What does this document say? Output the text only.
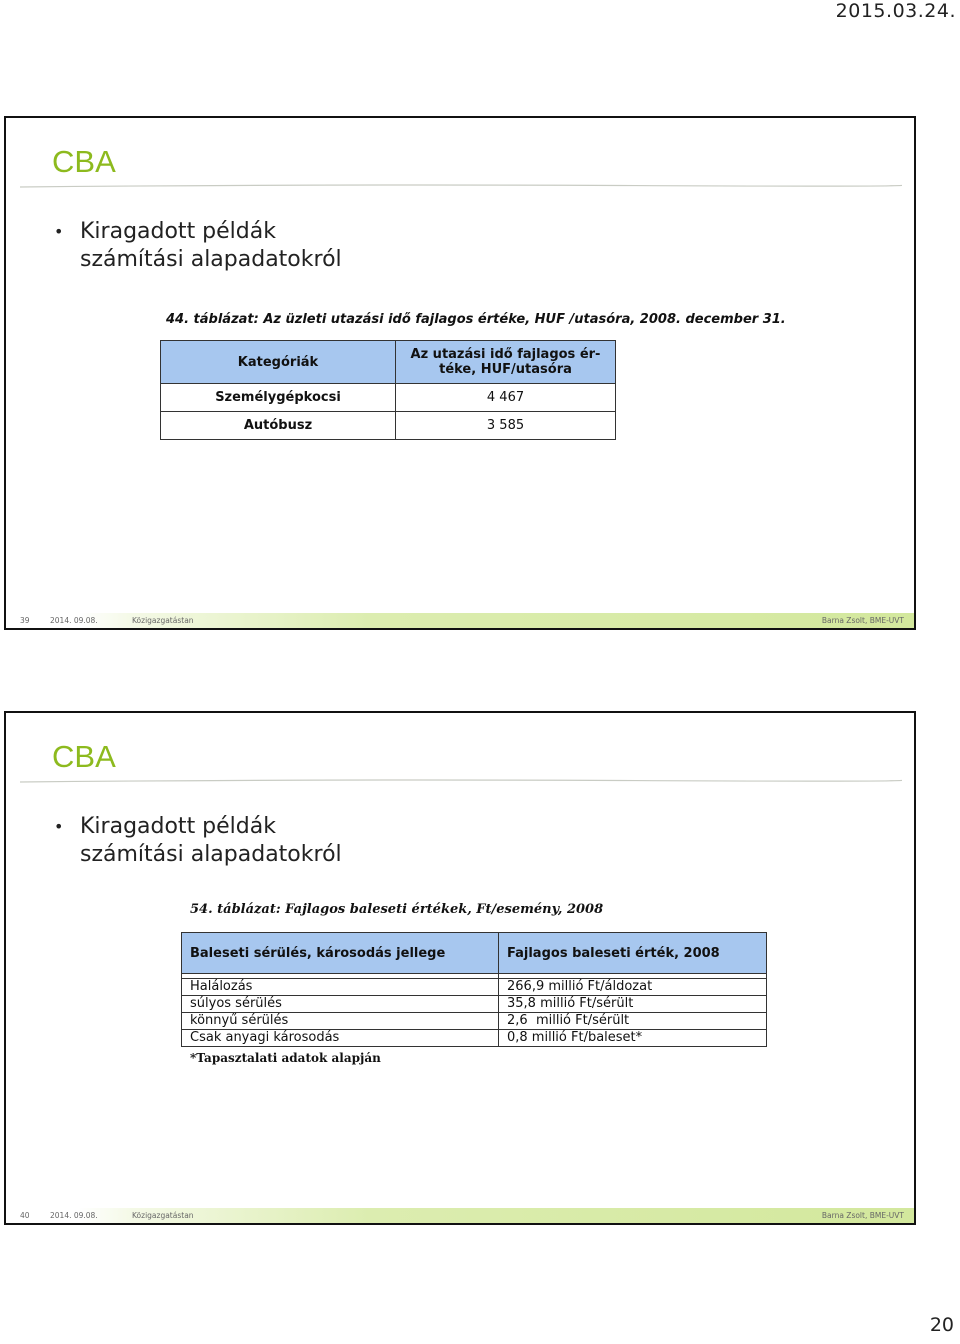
2015.03.24.
CBA
• Kiragadott példák
számítási alapadatokról
44. táblázat: Az üzleti utazási idő fajlagos értéke, HUF /utasóra, 2008. december 31.
Kategóriák	Az utazási idő fajlagos ér-
téke, HUF/utasóra
Személygépkocsi	4 467
Autóbusz	3 585
39	2014. 09.08.	Közigazgatástan	Barna Zsolt, BME-UVT
CBA
• Kiragadott példák
számítási alapadatokról
54. táblázat: Fajlagos baleseti értékek, Ft/esemény, 2008
Baleseti sérülés, károsodás jellege	Fajlagos baleseti érték, 2008

Halálozás	266,9 millió Ft/áldozat
súlyos sérülés	35,8 millió Ft/sérült
könnyű sérülés	2,6  millió Ft/sérült
Csak anyagi károsodás	0,8 millió Ft/baleset*
*Tapasztalati adatok alapján
40	2014. 09.08.	Közigazgatástan	Barna Zsolt, BME-UVT
20
